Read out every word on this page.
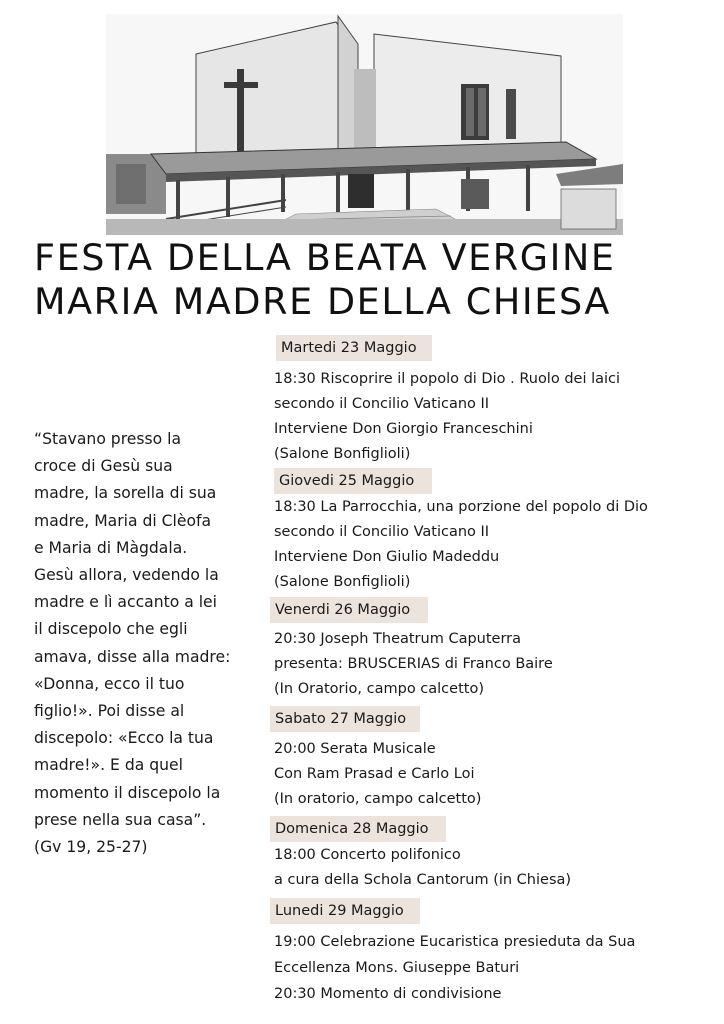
FESTA DELLA BEATA VERGINE
MARIA MADRE DELLA CHIESA
“Stavano presso la
croce di Gesù sua
madre, la sorella di sua
madre, Maria di Clèofa
e Maria di Màgdala.
Gesù allora, vedendo la
madre e lì accanto a lei
il discepolo che egli
amava, disse alla madre:
«Donna, ecco il tuo
figlio!». Poi disse al
discepolo: «Ecco la tua
madre!». E da quel
momento il discepolo la
prese nella sua casa”.
(Gv 19, 25-27)
Martedi 23 Maggio
18:30 Riscoprire il popolo di Dio . Ruolo dei laici
secondo il Concilio Vaticano II
Interviene Don Giorgio Franceschini
(Salone Bonfiglioli)
Giovedi 25 Maggio
18:30 La Parrocchia, una porzione del popolo di Dio
secondo il Concilio Vaticano II
Interviene Don Giulio Madeddu
(Salone Bonfiglioli)
Venerdi 26 Maggio
20:30 Joseph Theatrum Caputerra
presenta: BRUSCERIAS di Franco Baire
(In Oratorio, campo calcetto)
Sabato 27 Maggio
20:00 Serata Musicale
Con Ram Prasad e Carlo Loi
(In oratorio, campo calcetto)
Domenica 28 Maggio
18:00 Concerto polifonico
a cura della Schola Cantorum (in Chiesa)
Lunedi 29 Maggio
19:00 Celebrazione Eucaristica presieduta da Sua
Eccellenza Mons. Giuseppe Baturi
20:30 Momento di condivisione
